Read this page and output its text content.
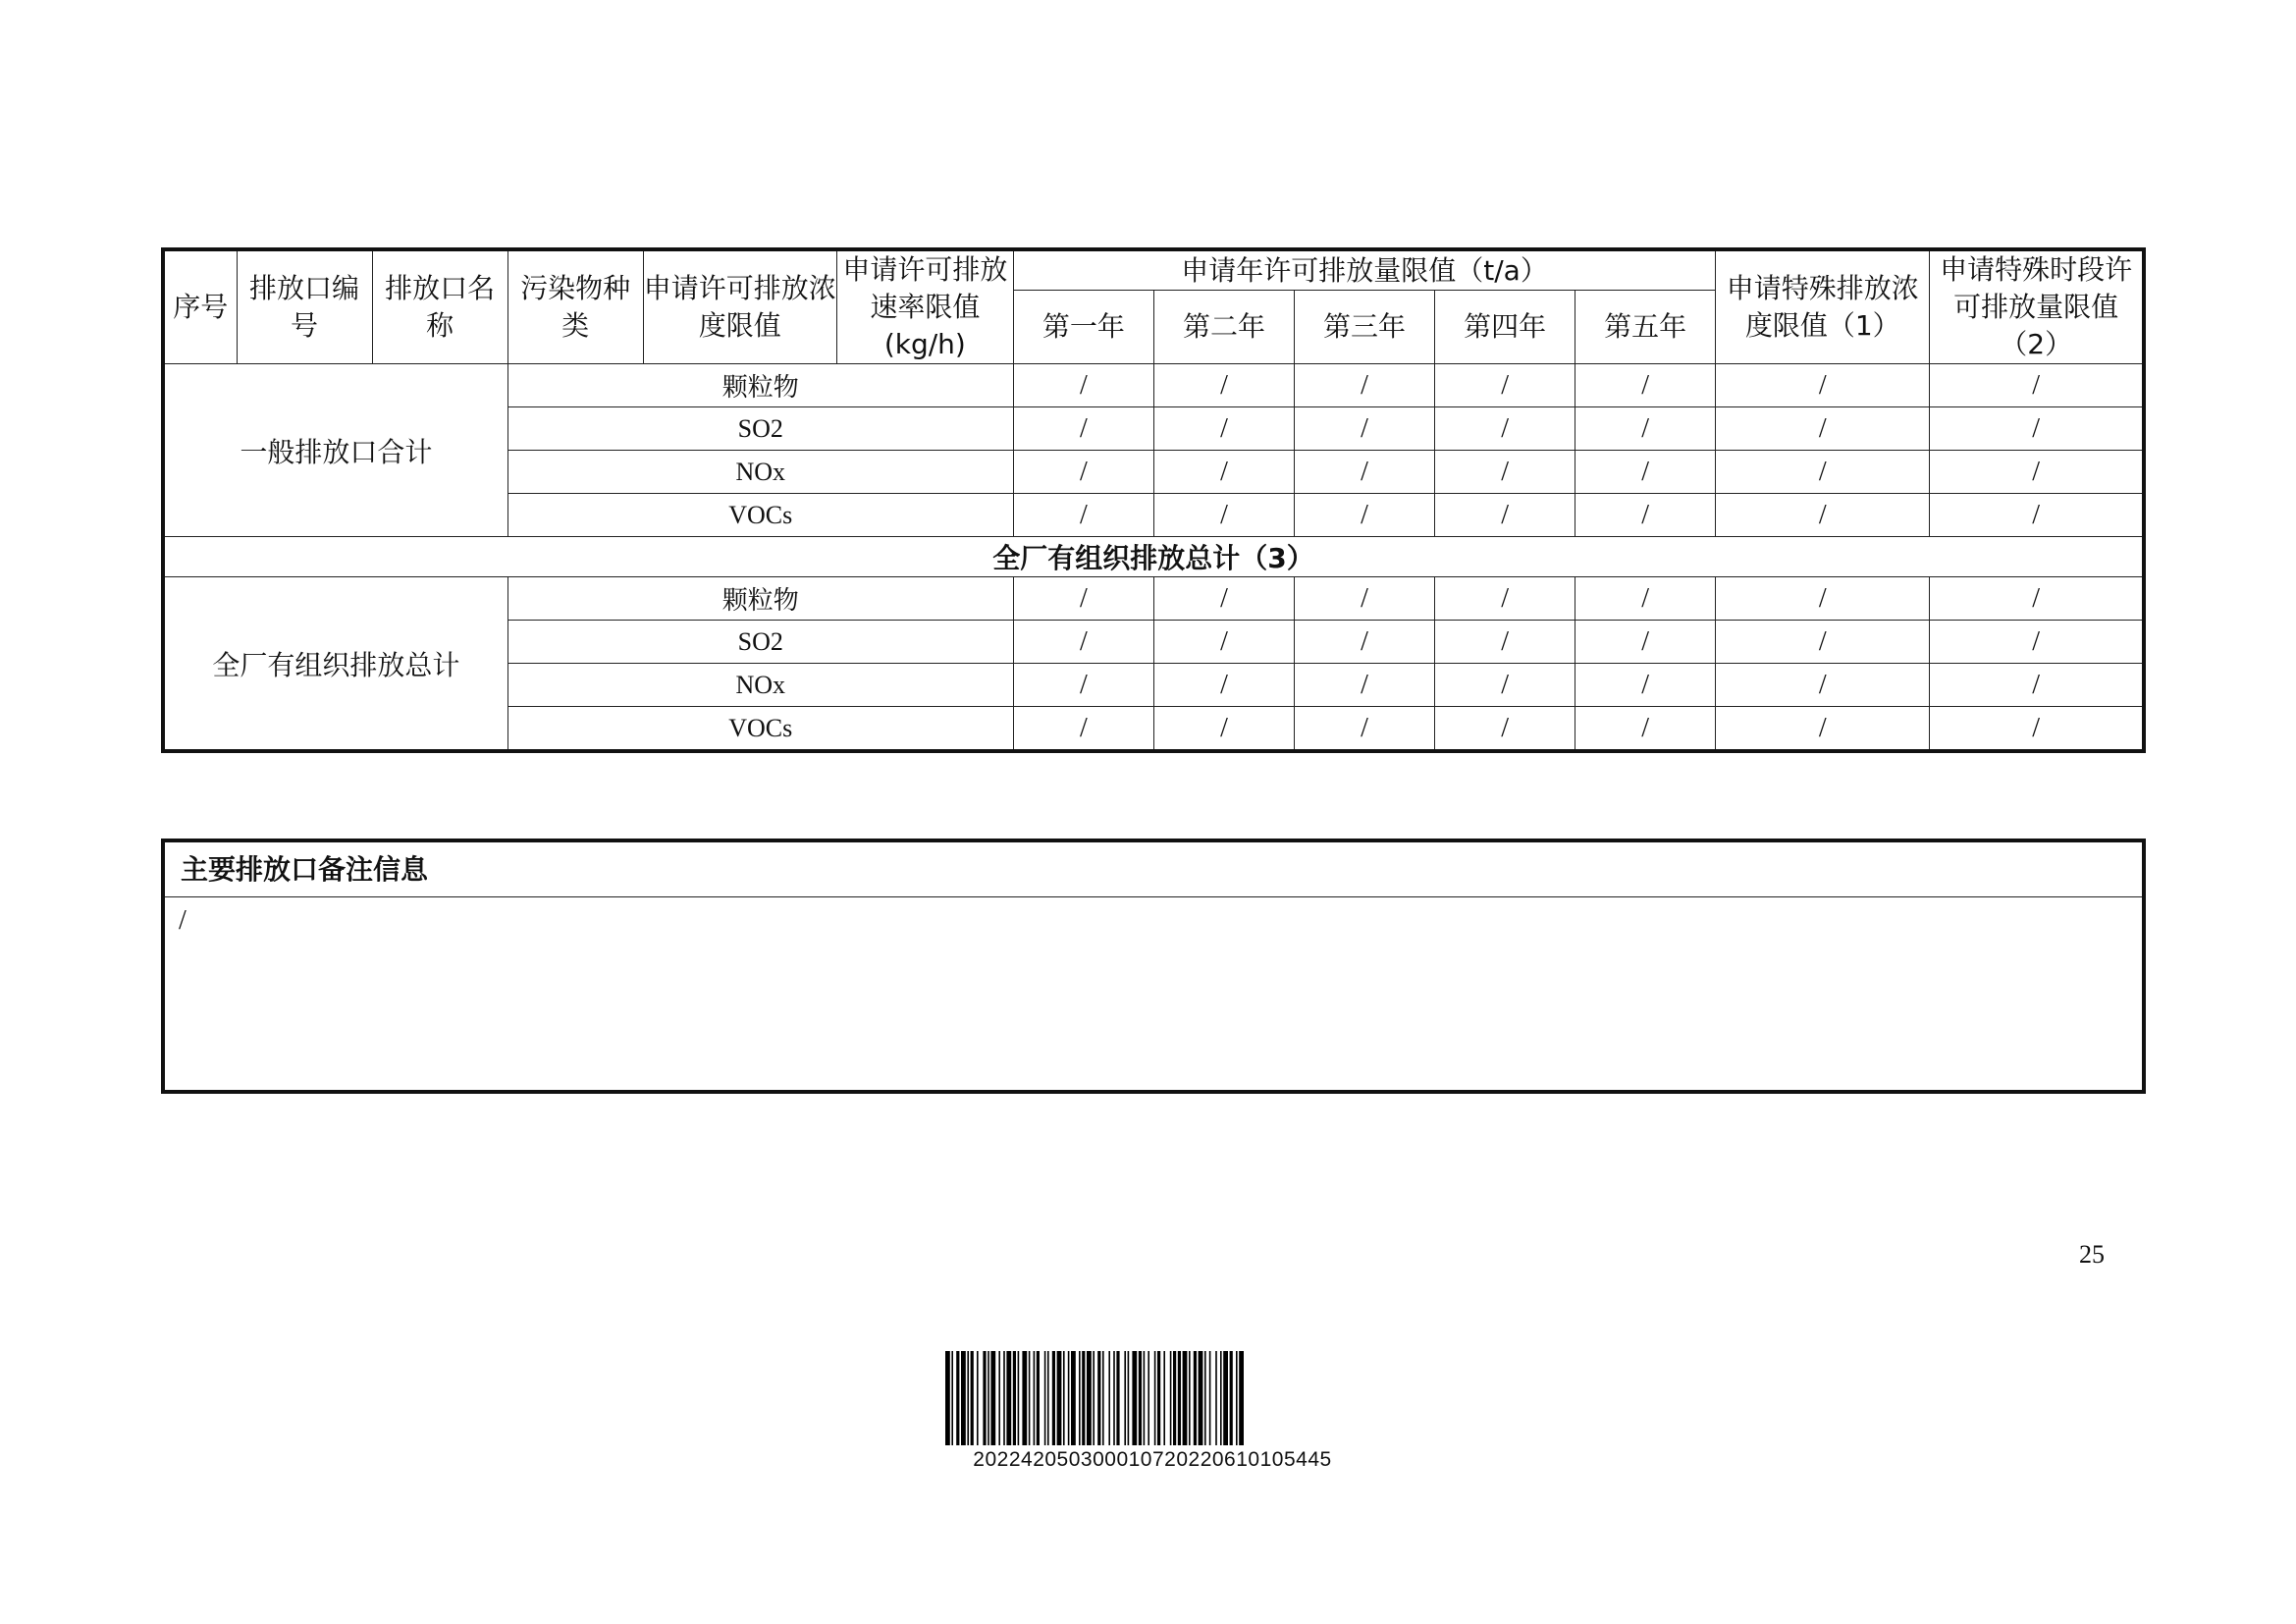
序号	排放口编号	排放口名称	污染物种类	申请许可排放浓度限值	申请许可排放速率限值(kg/h)	申请年许可排放量限值（t/a）					申请特殊排放浓度限值（1）	申请特殊时段许可排放量限值（2）
						第一年	第二年	第三年	第四年	第五年		
一般排放口合计			颗粒物			/	/	/	/	/	/	/
			SO2			/	/	/	/	/	/	/
			NOx			/	/	/	/	/	/	/
			VOCs			/	/	/	/	/	/	/
全厂有组织排放总计（3）												
全厂有组织排放总计			颗粒物			/	/	/	/	/	/	/
			SO2			/	/	/	/	/	/	/
			NOx			/	/	/	/	/	/	/
			VOCs			/	/	/	/	/	/	/
主要排放口备注信息
/
25
20224205030001072022061010544​5
